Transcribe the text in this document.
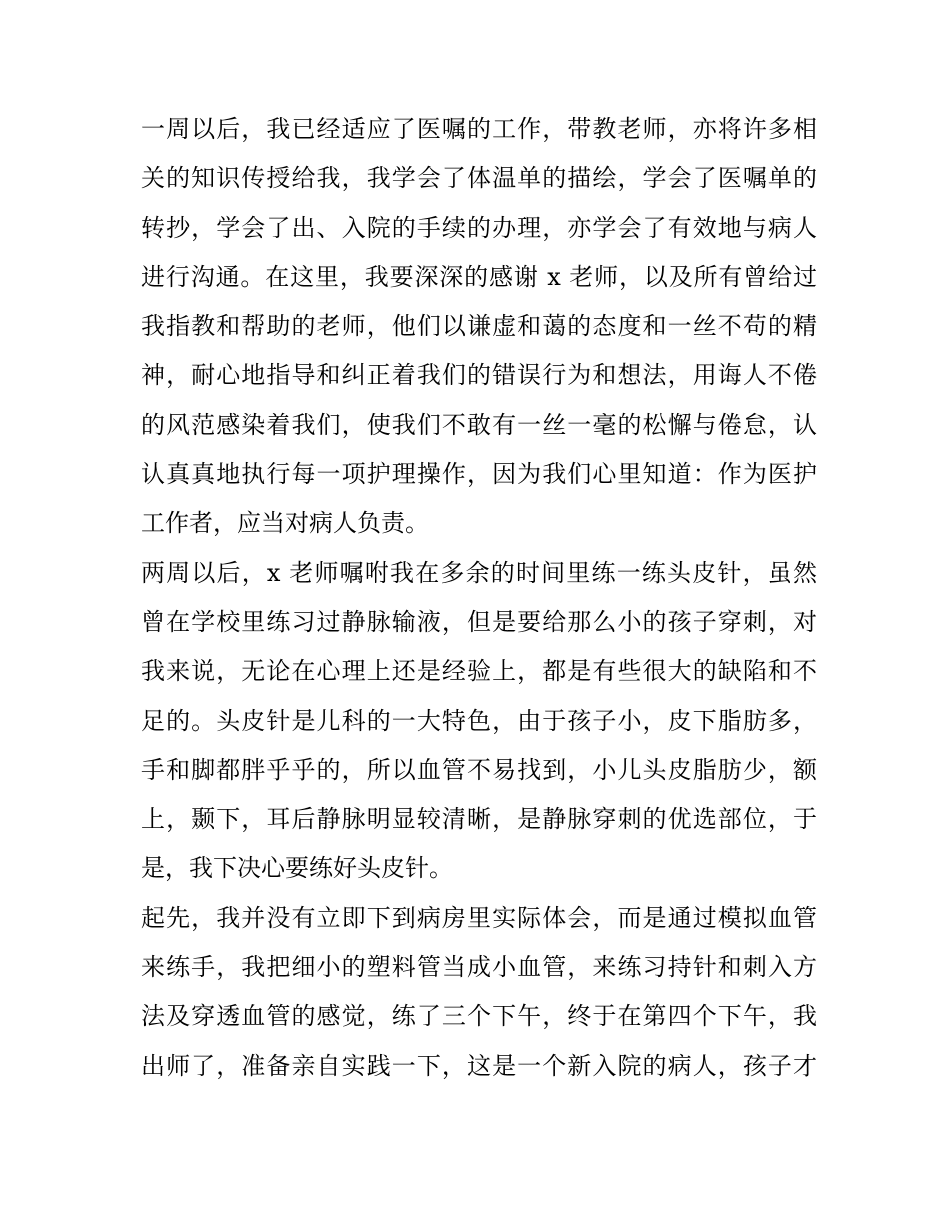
一周以后，我已经适应了医嘱的工作，带教老师，亦将许多相
关的知识传授给我，我学会了体温单的描绘，学会了医嘱单的
转抄，学会了出、入院的手续的办理，亦学会了有效地与病人
进行沟通。在这里，我要深深的感谢 x 老师，以及所有曾给过
我指教和帮助的老师，他们以谦虚和蔼的态度和一丝不苟的精
神，耐心地指导和纠正着我们的错误行为和想法，用诲人不倦
的风范感染着我们，使我们不敢有一丝一毫的松懈与倦怠，认
认真真地执行每一项护理操作，因为我们心里知道：作为医护
工作者，应当对病人负责。
两周以后，x 老师嘱咐我在多余的时间里练一练头皮针，虽然
曾在学校里练习过静脉输液，但是要给那么小的孩子穿刺，对
我来说，无论在心理上还是经验上，都是有些很大的缺陷和不
足的。头皮针是儿科的一大特色，由于孩子小，皮下脂肪多，
手和脚都胖乎乎的，所以血管不易找到，小儿头皮脂肪少，额
上，颞下，耳后静脉明显较清晰，是静脉穿刺的优选部位，于
是，我下决心要练好头皮针。
起先，我并没有立即下到病房里实际体会，而是通过模拟血管
来练手，我把细小的塑料管当成小血管，来练习持针和刺入方
法及穿透血管的感觉，练了三个下午，终于在第四个下午，我
出师了，准备亲自实践一下，这是一个新入院的病人，孩子才
